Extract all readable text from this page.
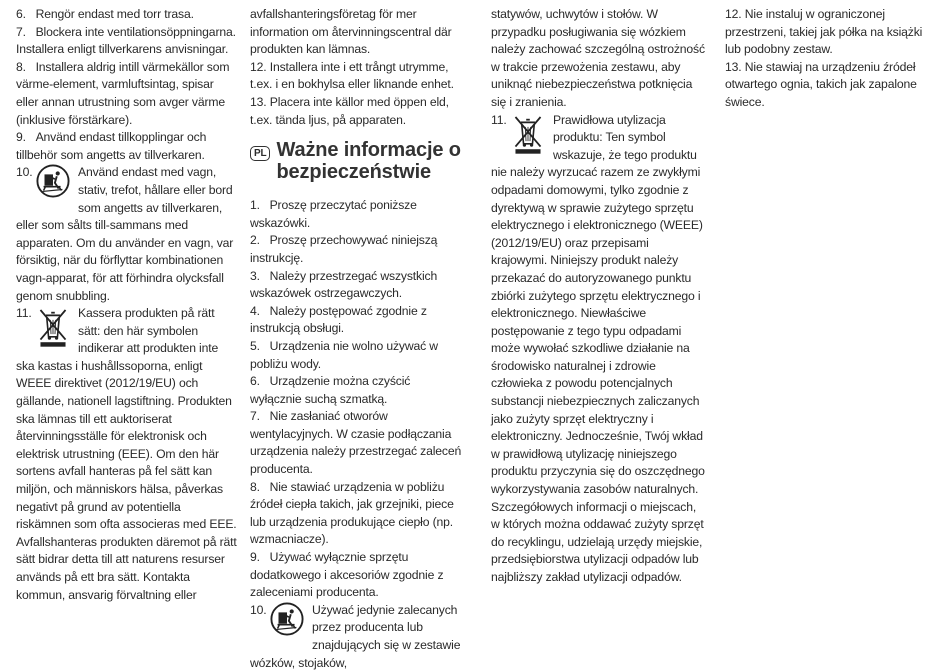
6.   Rengör endast med torr trasa.

7.   Blockera inte ventilationsöppningarna. Installera enligt tillverkarens anvisningar.

8.   Installera aldrig intill värmekällor som värme-element, varmluftsintag, spisar eller annan utrustning som avger värme (inklusive förstärkare).

9.   Använd endast tillkopplingar och tillbehör som angetts av tillverkaren.

10.	Använd endast med vagn, stativ, trefot, hållare eller bord som angetts av tillverkaren, eller som sålts till-sammans med apparaten. Om du använder en vagn, var försiktig, när du förflyttar kombinationen vagn-apparat, för att förhindra olycksfall genom snubbling.

11.	Kassera produkten på rätt sätt: den här symbolen indikerar att produkten inte ska kastas i hushållssoporna, enligt WEEE direktivet (2012/19/EU) och gällande, nationell lagstiftning. Produkten ska lämnas till ett auktoriserat återvinningsställe för elektronisk och elektrisk utrustning (EEE). Om den här sortens avfall hanteras på fel sätt kan miljön, och människors hälsa, påverkas negativt på grund av potentiella riskämnen som ofta associeras med EEE. Avfallshanteras produkten däremot på rätt sätt bidrar detta till att naturens resurser används på ett bra sätt. Kontakta kommun, ansvarig förvaltning eller

avfallshanteringsföretag för mer information om återvinningscentral där produkten kan lämnas.

12. Installera inte i ett trångt utrymme, t.ex. i en bokhylsa eller liknande enhet.

13. Placera inte källor med öppen eld, t.ex. tända ljus, på apparaten.

PL Ważne informacje o bezpieczeństwie

1.   Proszę przeczytać poniższe wskazówki.

2.   Proszę przechowywać niniejszą instrukcję.

3.   Należy przestrzegać wszystkich wskazówek ostrzegawczych.

4.   Należy postępować zgodnie z instrukcją obsługi.

5.   Urządzenia nie wolno używać w pobliżu wody.

6.   Urządzenie można czyścić wyłącznie suchą szmatką.

7.   Nie zasłaniać otworów wentylacyjnych. W czasie podłączania urządzenia należy przestrzegać zaleceń producenta.

8.   Nie stawiać urządzenia w pobliżu źródeł ciepła takich, jak grzejniki, piece lub urządzenia produkujące ciepło (np. wzmacniacze).

9.   Używać wyłącznie sprzętu dodatkowego i akcesoriów zgodnie z zaleceniami producenta.

10.	Używać jedynie zalecanych przez producenta lub znajdujących się w zestawie wózków, stojaków,

statywów, uchwytów i stołów. W przypadku posługiwania się wózkiem należy zachować szczególną ostrożność w trakcie przewożenia zestawu, aby uniknąć niebezpieczeństwa potknięcia się i zranienia.

11.	Prawidłowa utylizacja produktu: Ten symbol wskazuje, że tego produktu nie należy wyrzucać razem ze zwykłymi odpadami domowymi, tylko zgodnie z dyrektywą w sprawie zużytego sprzętu elektrycznego i elektronicznego (WEEE) (2012/19/EU) oraz przepisami krajowymi. Niniejszy produkt należy przekazać do autoryzowanego punktu zbiórki zużytego sprzętu elektrycznego i elektronicznego. Niewłaściwe postępowanie z tego typu odpadami może wywołać szkodliwe działanie na środowisko naturalnej i zdrowie człowieka z powodu potencjalnych substancji niebezpiecznych zaliczanych jako zużyty sprzęt elektryczny i elektroniczny. Jednocześnie, Twój wkład w prawidłową utylizację niniejszego produktu przyczynia się do oszczędnego wykorzystywania zasobów naturalnych. Szczegółowych informacji o miejscach, w których można oddawać zużyty sprzęt do recyklingu, udzielają urzędy miejskie, przedsiębiorstwa utylizacji odpadów lub najbliższy zakład utylizacji odpadów.

12. Nie instaluj w ograniczonej przestrzeni, takiej jak półka na książki lub podobny zestaw.

13. Nie stawiaj na urządzeniu źródeł otwartego ognia, takich jak zapalone świece.
